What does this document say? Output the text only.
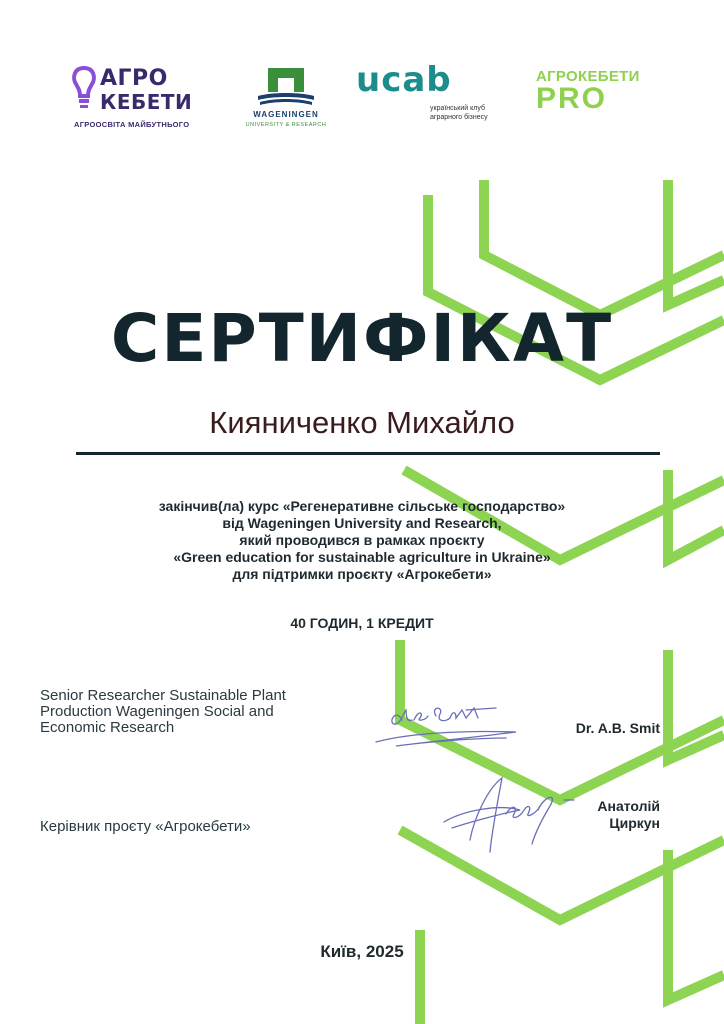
АГРО
КЕБЕТИ
АГРООСВІТА МАЙБУТНЬОГО
WAGENINGEN
UNIVERSITY & RESEARCH
ucab
український клуб
аграрного бізнесу
АГРОКЕБЕТИ
PRO
СЕРТИФІКАТ
Кияниченко Михайло
закінчив(ла) курс «Регенеративне сільське господарство»
від Wageningen University and Research,
який проводився в рамках проєкту
«Green education for sustainable agriculture in Ukraine»
для підтримки проєкту «Агрокебети»
40 ГОДИН, 1 КРЕДИТ
Senior Researcher Sustainable Plant
Production Wageningen Social and
Economic Research	Dr. A.B. Smit
Керівник проєту «Агрокебети»
Анатолій
Циркун
Київ, 2025
